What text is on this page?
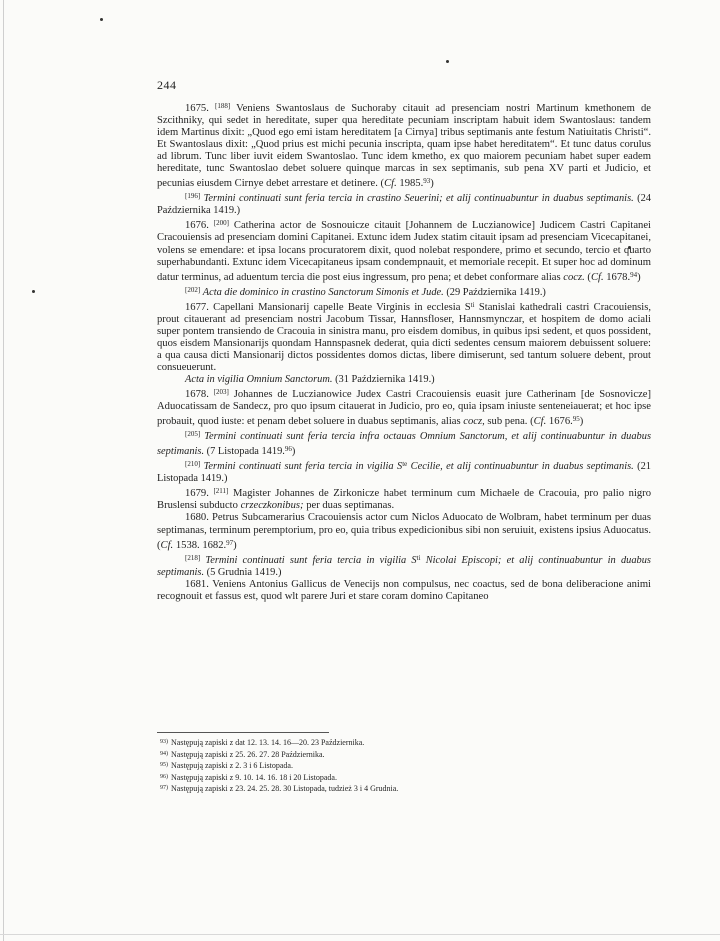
244

1675. [188] Veniens Swantoslaus de Suchoraby citauit ad presenciam nostri Martinum kmethonem de Szcithniky, qui sedet in hereditate, super qua hereditate pecuniam inscriptam habuit idem Swantoslaus: tandem idem Martinus dixit: „Quod ego emi istam hereditatem [a Cirnya] tribus septimanis ante festum Natiuitatis Christi“. Et Swantoslaus dixit: „Quod prius est michi pecunia inscripta, quam ipse habet hereditatem“. Et tunc datus corulus ad librum. Tunc liber iuvit eidem Swantoslao. Tunc idem kmetho, ex quo maiorem pecuniam habet super eadem hereditate, tunc Swantoslao debet soluere quinque marcas in sex septimanis, sub pena XV parti et Judicio, et pecunias eiusdem Cirnye debet arrestare et detinere. (Cf. 1985.93)

[196] Termini continuati sunt feria tercia in crastino Seuerini; et alij continuabuntur in duabus septimanis. (24 Października 1419.)

1676. [200] Catherina actor de Sosnouicze citauit [Johannem de Luczianowice] Judicem Castri Capitanei Cracouiensis ad presenciam domini Capitanei. Extunc idem Judex statim citauit ipsam ad presenciam Vicecapitanei, volens se emendare: et ipsa locans procuratorem dixit, quod nolebat respondere, primo et secundo, tercio et quarto superhabundanti. Extunc idem Vicecapitaneus ipsam condempnauit, et memoriale recepit. Et super hoc ad dominum datur terminus, ad aduentum tercia die post eius ingressum, pro pena; et debet conformare alias cocz. (Cf. 1678.94)

[202] Acta die dominico in crastino Sanctorum Simonis et Jude. (29 Października 1419.)

1677. Capellani Mansionarij capelle Beate Virginis in ecclesia $S^{ti}$ Stanislai kathedrali castri Cracouiensis, prout citauerant ad presenciam nostri Jacobum Tissar, Hannsfloser, Hannsmynczar, et hospitem de domo aciali super pontem transiendo de Cracouia in sinistra manu, pro eisdem domibus, in quibus ipsi sedent, et quos possident, quos eisdem Mansionarijs quondam Hannspasnek dederat, quia dicti sedentes censum maiorem debuissent soluere: a qua causa dicti Mansionarij dictos possidentes domos dictas, libere dimiserunt, sed tantum soluere debent, prout consueuerunt.

Acta in vigilia Omnium Sanctorum. (31 Października 1419.)

1678. [203] Johannes de Luczianowice Judex Castri Cracouiensis euasit jure Catherinam [de Sosnovicze] Aduocatissam de Sandecz, pro quo ipsum citauerat in Judicio, pro eo, quia ipsam iniuste senteneiauerat; et hoc ipse probauit, quod iuste: et penam debet soluere in duabus septimanis, alias cocz, sub pena. (Cf. 1676.95)

[205] Termini continuati sunt feria tercia infra octauas Omnium Sanctorum, et alij continuabuntur in duabus septimanis. (7 Listopada 1419.96)

[210] Termini continuati sunt feria tercia in vigilia $S^{te}$ Cecilie, et alij continuabuntur in duabus septimanis. (21 Listopada 1419.)

1679. [211] Magister Johannes de Zirkonicze habet terminum cum Michaele de Cracouia, pro palio nigro Bruslensi subducto crzeczkonibus; per duas septimanas.

1680. Petrus Subcamerarius Cracouiensis actor cum Niclos Aduocato de Wolbram, habet terminum per duas septimanas, terminum peremptorium, pro eo, quia tribus expedicionibus sibi non seruiuit, existens ipsius Aduocatus. (Cf. 1538. 1682.97)

[218] Termini continuati sunt feria tercia in vigilia $S^{ti}$ Nicolai Episcopi; et alij continuabuntur in duabus septimanis. (5 Grudnia 1419.)

1681. Veniens Antonius Gallicus de Venecijs non compulsus, nec coactus, sed de bona deliberacione animi recognouit et fassus est, quod wlt parere Juri et stare coram domino Capitaneo

$^{93)}$ Następują zapiski z dat 12. 13. 14. 16—20. 23 Października.

$^{94)}$ Następują zapiski z 25. 26. 27. 28 Października.

$^{95)}$ Następują zapiski z 2. 3 i 6 Listopada.

$^{96)}$ Następują zapiski z 9. 10. 14. 16. 18 i 20 Listopada.

$^{97)}$ Następują zapiski z 23. 24. 25. 28. 30 Listopada, tudzież 3 i 4 Grudnia.
